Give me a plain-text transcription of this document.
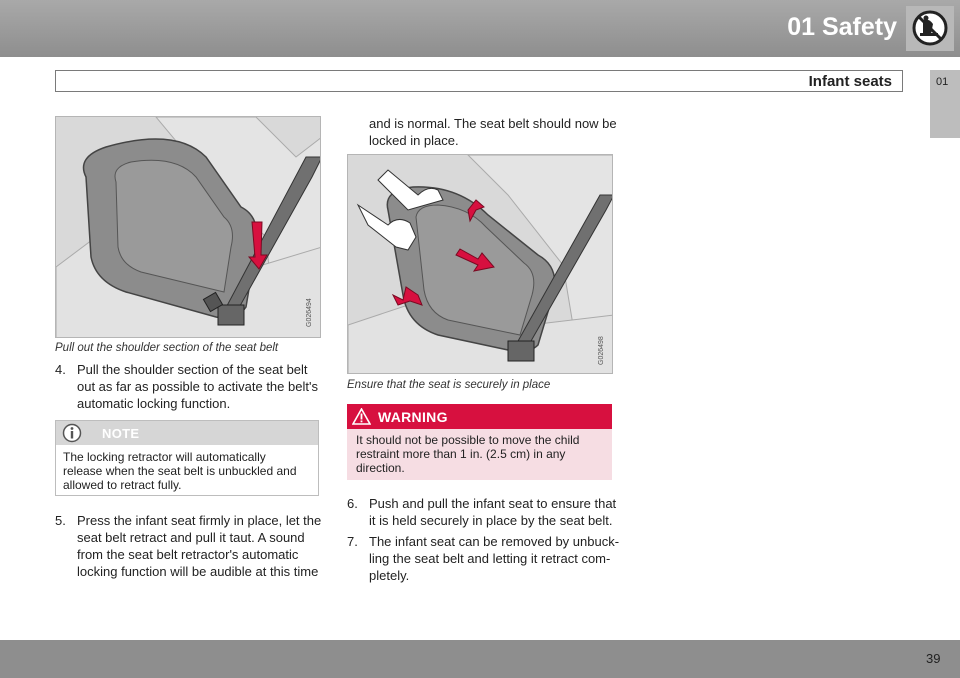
01 Safety
Infant seats	01
G026494
Pull out the shoulder section of the seat belt
4. Pull the shoulder section of the seat belt
out as far as possible to activate the belt's
automatic locking function.
NOTE
The locking retractor will automatically
release when the seat belt is unbuckled and
allowed to retract fully.
5. Press the infant seat firmly in place, let the
seat belt retract and pull it taut. A sound
from the seat belt retractor's automatic
locking function will be audible at this time
and is normal. The seat belt should now be
locked in place.
G026498
Ensure that the seat is securely in place
WARNING
It should not be possible to move the child
restraint more than 1 in. (2.5 cm) in any
direction.
6. Push and pull the infant seat to ensure that
it is held securely in place by the seat belt.
7. The infant seat can be removed by unbuck-
ling the seat belt and letting it retract com-
pletely.
39
